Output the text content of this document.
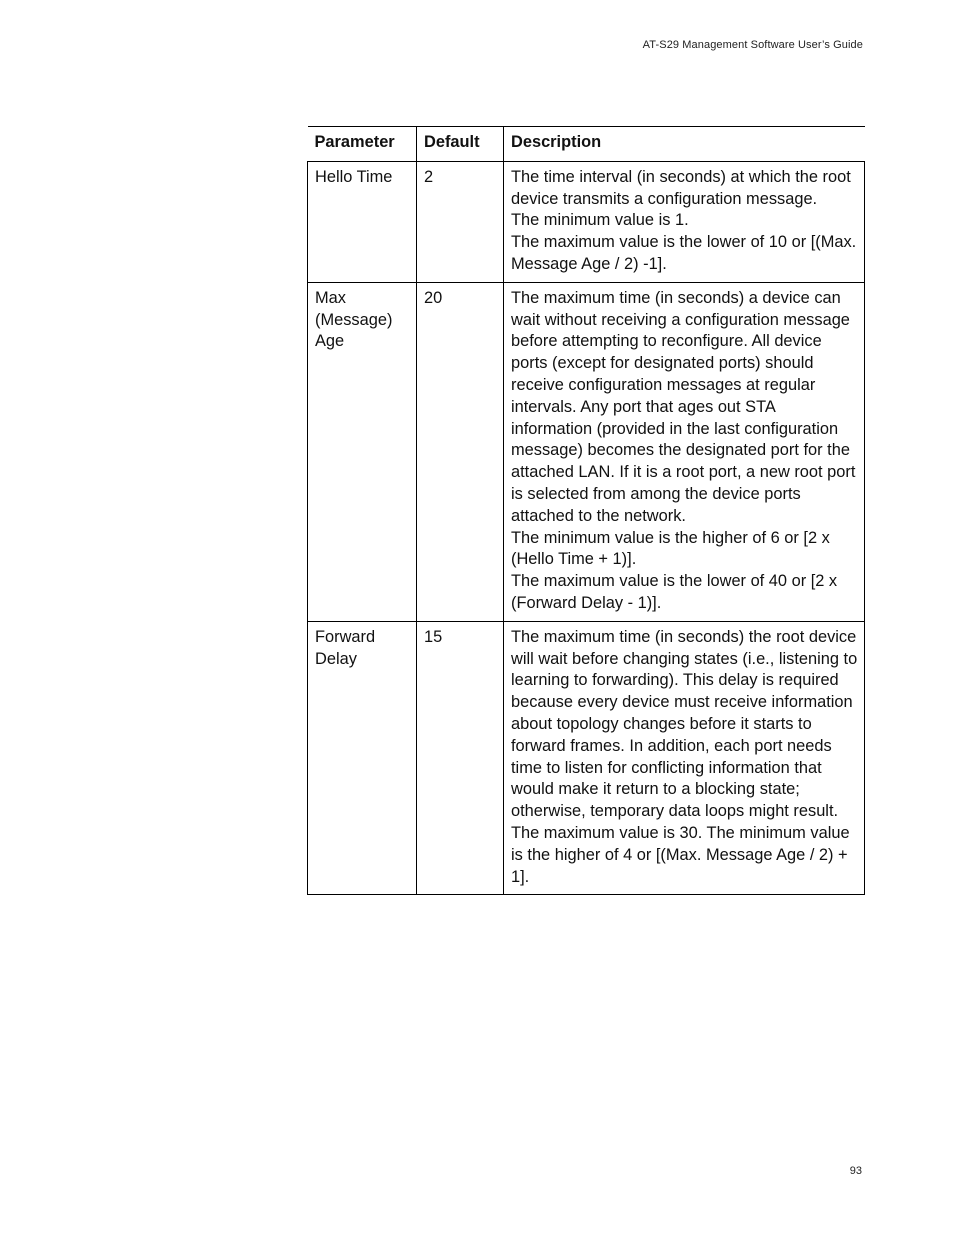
AT-S29 Management Software User’s Guide
Parameter	Default	Description
Hello Time	2	The time interval (in seconds) at which the root device transmits a configuration message.
The minimum value is 1.
The maximum value is the lower of 10 or [(Max. Message Age / 2) -1].

Max (Message) Age	20	The maximum time (in seconds) a device can wait without receiving a configuration message before attempting to reconfigure. All device ports (except for designated ports) should receive configuration messages at regular intervals. Any port that ages out STA information (provided in the last configuration message) becomes the designated port for the attached LAN. If it is a root port, a new root port is selected from among the device ports attached to the network.
The minimum value is the higher of 6 or [2 x (Hello Time + 1)].
The maximum value is the lower of 40 or [2 x (Forward Delay - 1)].

Forward Delay	15	The maximum time (in seconds) the root device will wait before changing states (i.e., listening to learning to forwarding). This delay is required because every device must receive information about topology changes before it starts to forward frames. In addition, each port needs time to listen for conflicting information that would make it return to a blocking state; otherwise, temporary data loops might result.
The maximum value is 30. The minimum value is the higher of 4 or [(Max. Message Age / 2) + 1].
93
